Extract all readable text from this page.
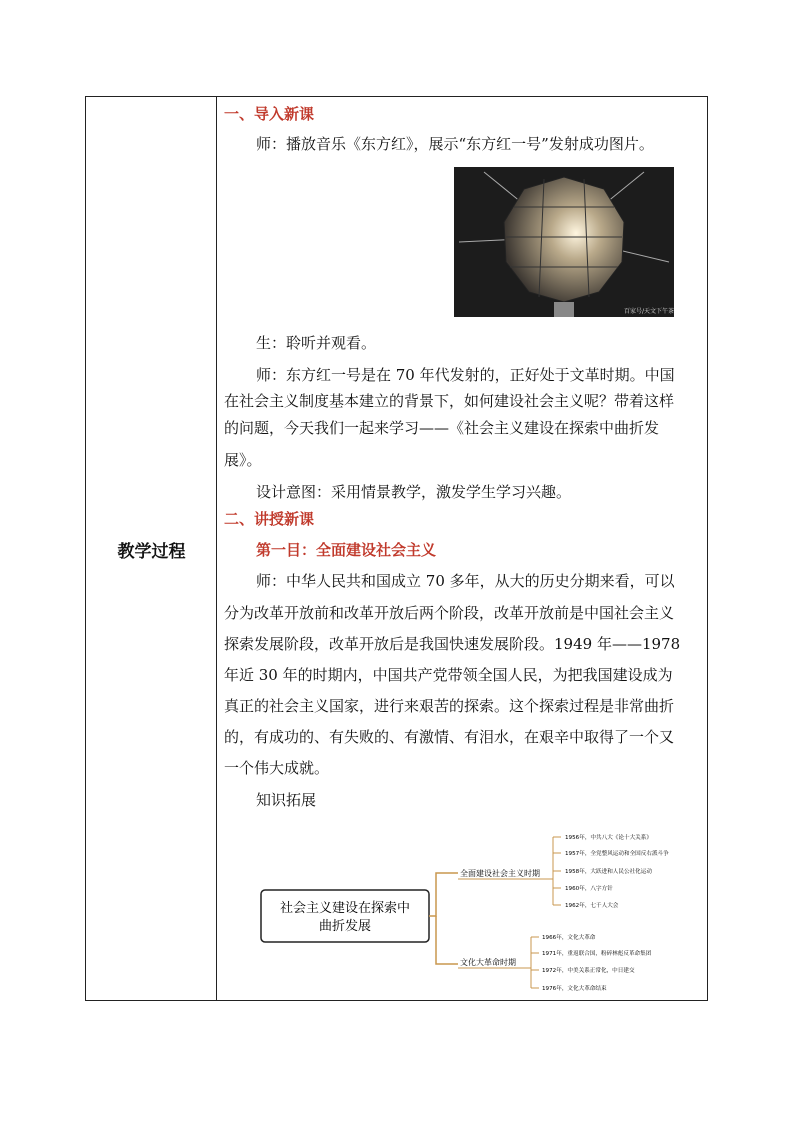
教学过程
一、导入新课
师：播放音乐《东方红》，展示“东方红一号”发射成功图片。
百家号/天文下午茶
生：聆听并观看。
师：东方红一号是在 70 年代发射的，正好处于文革时期。中国
在社会主义制度基本建立的背景下，如何建设社会主义呢？带着这样
的问题，今天我们一起来学习——《社会主义建设在探索中曲折发
展》。
设计意图：采用情景教学，激发学生学习兴趣。
二、讲授新课
第一目：全面建设社会主义
师：中华人民共和国成立 70 多年，从大的历史分期来看，可以
分为改革开放前和改革开放后两个阶段，改革开放前是中国社会主义
探索发展阶段，改革开放后是我国快速发展阶段。1949 年——1978
年近 30 年的时期内，中国共产党带领全国人民，为把我国建设成为
真正的社会主义国家，进行来艰苦的探索。这个探索过程是非常曲折
的，有成功的、有失败的、有激情、有泪水，在艰辛中取得了一个又
一个伟大成就。
知识拓展
社会主义建设在探索中
曲折发展
全面建设社会主义时期
1956年，中共八大《论十大关系》
1957年，全党整风运动和全国反右派斗争
1958年，大跃进和人民公社化运动
1960年，八字方针
1962年，七千人大会
文化大革命时期
1966年，文化大革命
1971年，重返联合国，粉碎林彪反革命集团
1972年，中美关系正常化，中日建交
1976年，文化大革命结束
